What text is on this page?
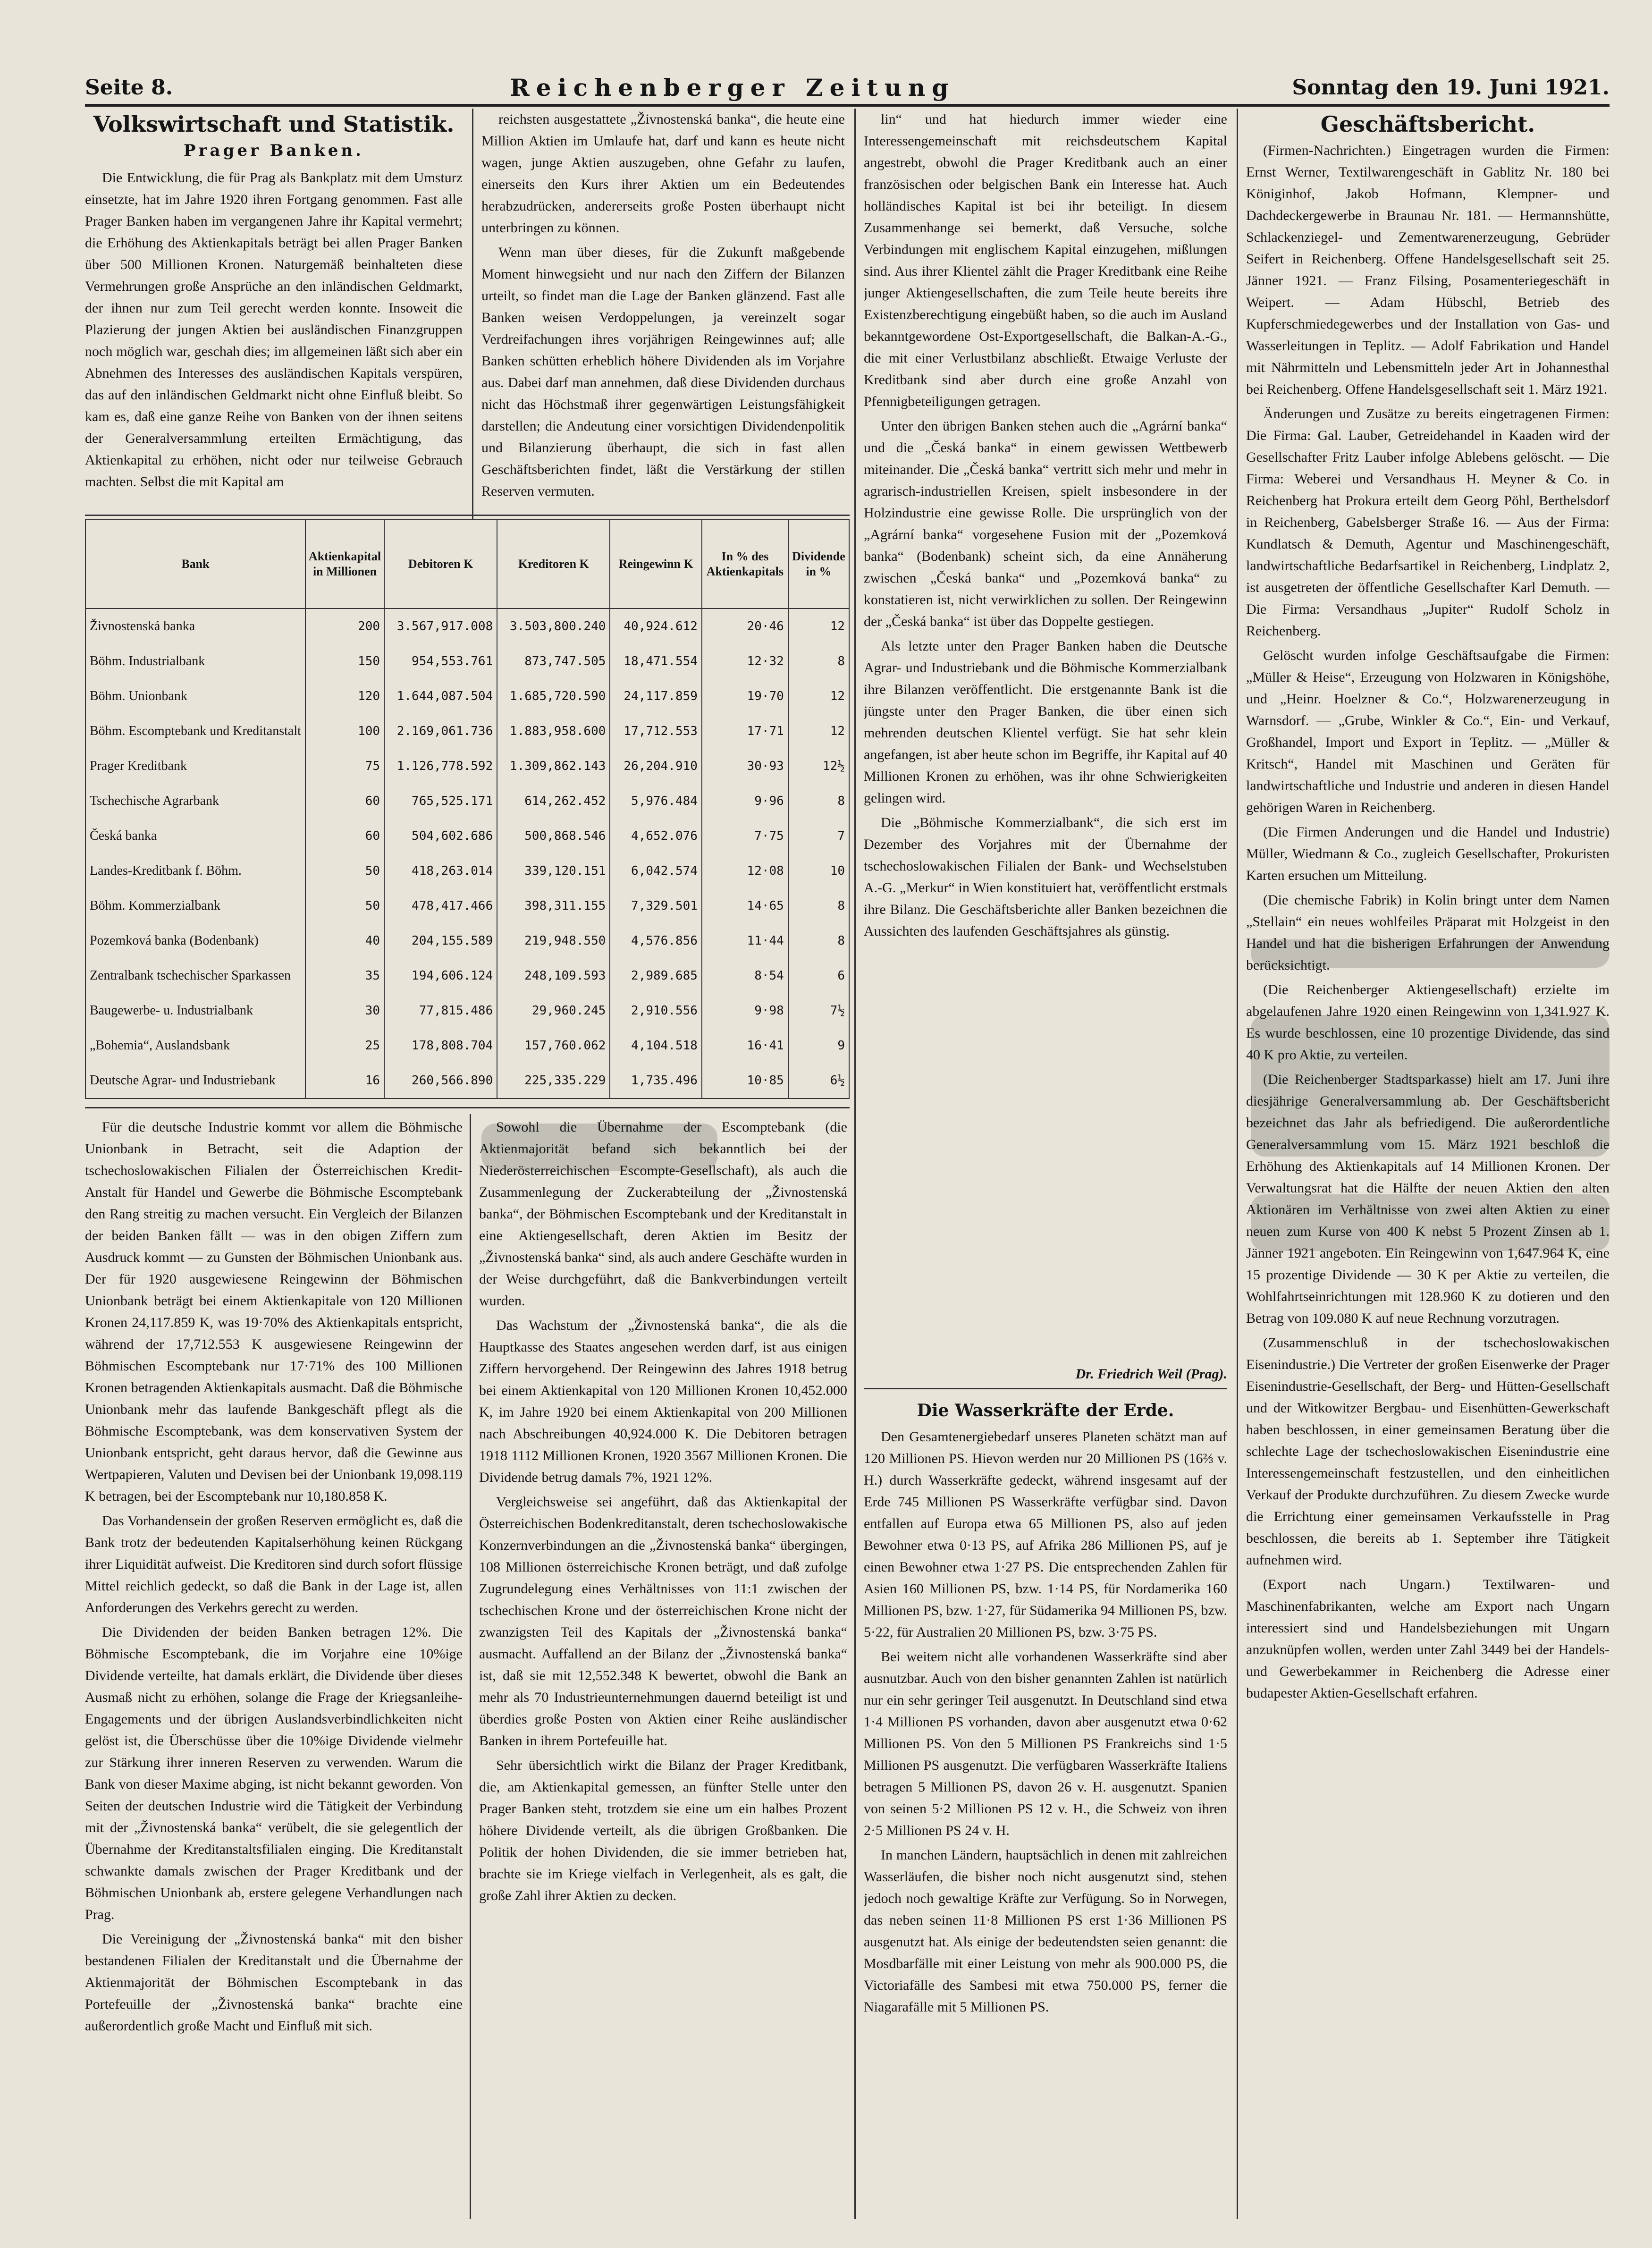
Seite 8.	Reichenberger Zeitung	Sonntag den 19. Juni 1921.
Volkswirtschaft und Statistik.
Prager Banken.

Die Entwicklung, die für Prag als Bankplatz mit dem Umsturz einsetzte, hat im Jahre 1920 ihren Fortgang genommen. Fast alle Prager Banken haben im vergangenen Jahre ihr Kapital vermehrt; die Erhöhung des Aktienkapitals beträgt bei allen Prager Banken über 500 Millionen Kronen. Naturgemäß beinhalteten diese Vermehrungen große Ansprüche an den inländischen Geldmarkt, der ihnen nur zum Teil gerecht werden konnte. Insoweit die Plazierung der jungen Aktien bei ausländischen Finanzgruppen noch möglich war, geschah dies; im allgemeinen läßt sich aber ein Abnehmen des Interesses des ausländischen Kapitals verspüren, das auf den inländischen Geldmarkt nicht ohne Einfluß bleibt. So kam es, daß eine ganze Reihe von Banken von der ihnen seitens der Generalversammlung erteilten Ermächtigung, das Aktienkapital zu erhöhen, nicht oder nur teilweise Gebrauch machten. Selbst die mit Kapital am

reichsten ausgestattete „Živnostenská banka“, die heute eine Million Aktien im Umlaufe hat, darf und kann es heute nicht wagen, junge Aktien auszugeben, ohne Gefahr zu laufen, einerseits den Kurs ihrer Aktien um ein Bedeutendes herabzudrücken, andererseits große Posten überhaupt nicht unterbringen zu können.

Wenn man über dieses, für die Zukunft maßgebende Moment hinwegsieht und nur nach den Ziffern der Bilanzen urteilt, so findet man die Lage der Banken glänzend. Fast alle Banken weisen Verdoppelungen, ja vereinzelt sogar Verdreifachungen ihres vorjährigen Reingewinnes auf; alle Banken schütten erheblich höhere Dividenden als im Vorjahre aus. Dabei darf man annehmen, daß diese Dividenden durchaus nicht das Höchstmaß ihrer gegenwärtigen Leistungsfähigkeit darstellen; die Andeutung einer vorsichtigen Dividendenpolitik und Bilanzierung überhaupt, die sich in fast allen Geschäftsberichten findet, läßt die Verstärkung der stillen Reserven vermuten.

Bank	Aktienkapital in Millionen	Debitoren K	Kreditoren K	Reingewinn K	In % des Aktienkapitals	Dividende in %
Živnostenská banka	200	3.567,917.008	3.503,800.240	40,924.612	20·46	12
Böhm. Industrialbank	150	954,553.761	873,747.505	18,471.554	12·32	8
Böhm. Unionbank	120	1.644,087.504	1.685,720.590	24,117.859	19·70	12
Böhm. Escomptebank und Kreditanstalt	100	2.169,061.736	1.883,958.600	17,712.553	17·71	12
Prager Kreditbank	75	1.126,778.592	1.309,862.143	26,204.910	30·93	12½
Tschechische Agrarbank	60	765,525.171	614,262.452	5,976.484	9·96	8
Česká banka	60	504,602.686	500,868.546	4,652.076	7·75	7
Landes-Kreditbank f. Böhm.	50	418,263.014	339,120.151	6,042.574	12·08	10
Böhm. Kommerzialbank	50	478,417.466	398,311.155	7,329.501	14·65	8
Pozemková banka (Bodenbank)	40	204,155.589	219,948.550	4,576.856	11·44	8
Zentralbank tschechischer Sparkassen	35	194,606.124	248,109.593	2,989.685	8·54	6
Baugewerbe- u. Industrialbank	30	77,815.486	29,960.245	2,910.556	9·98	7½
„Bohemia“, Auslandsbank	25	178,808.704	157,760.062	4,104.518	16·41	9
Deutsche Agrar- und Industriebank	16	260,566.890	225,335.229	1,735.496	10·85	6½

Für die deutsche Industrie kommt vor allem die Böhmische Unionbank in Betracht, seit die Adaption der tschechoslowakischen Filialen der Österreichischen Kredit-Anstalt für Handel und Gewerbe die Böhmische Escomptebank den Rang streitig zu machen versucht. Ein Vergleich der Bilanzen der beiden Banken fällt — was in den obigen Ziffern zum Ausdruck kommt — zu Gunsten der Böhmischen Unionbank aus. Der für 1920 ausgewiesene Reingewinn der Böhmischen Unionbank beträgt bei einem Aktienkapitale von 120 Millionen Kronen 24,117.859 K, was 19·70% des Aktienkapitals entspricht, während der 17,712.553 K ausgewiesene Reingewinn der Böhmischen Escomptebank nur 17·71% des 100 Millionen Kronen betragenden Aktienkapitals ausmacht. Daß die Böhmische Unionbank mehr das laufende Bankgeschäft pflegt als die Böhmische Escomptebank, was dem konservativen System der Unionbank entspricht, geht daraus hervor, daß die Gewinne aus Wertpapieren, Valuten und Devisen bei der Unionbank 19,098.119 K betragen, bei der Escomptebank nur 10,180.858 K.

Das Vorhandensein der großen Reserven ermöglicht es, daß die Bank trotz der bedeutenden Kapitalserhöhung keinen Rückgang ihrer Liquidität aufweist. Die Kreditoren sind durch sofort flüssige Mittel reichlich gedeckt, so daß die Bank in der Lage ist, allen Anforderungen des Verkehrs gerecht zu werden.

Die Dividenden der beiden Banken betragen 12%. Die Böhmische Escomptebank, die im Vorjahre eine 10%ige Dividende verteilte, hat damals erklärt, die Dividende über dieses Ausmaß nicht zu erhöhen, solange die Frage der Kriegsanleihe-Engagements und der übrigen Auslandsverbindlichkeiten nicht gelöst ist, die Überschüsse über die 10%ige Dividende vielmehr zur Stärkung ihrer inneren Reserven zu verwenden. Warum die Bank von dieser Maxime abging, ist nicht bekannt geworden. Von Seiten der deutschen Industrie wird die Tätigkeit der Verbindung mit der „Živnostenská banka“ verübelt, die sie gelegentlich der Übernahme der Kreditanstaltsfilialen einging. Die Kreditanstalt schwankte damals zwischen der Prager Kreditbank und der Böhmischen Unionbank ab, erstere gelegene Verhandlungen nach Prag.

Die Vereinigung der „Živnostenská banka“ mit den bisher bestandenen Filialen der Kreditanstalt und die Übernahme der Aktienmajorität der Böhmischen Escomptebank in das Portefeuille der „Živnostenská banka“ brachte eine außerordentlich große Macht und Einfluß mit sich.

Sowohl die Übernahme der Escomptebank (die Aktienmajorität befand sich bekanntlich bei der Niederösterreichischen Escompte-Gesellschaft), als auch die Zusammenlegung der Zuckerabteilung der „Živnostenská banka“, der Böhmischen Escomptebank und der Kreditanstalt in eine Aktiengesellschaft, deren Aktien im Besitz der „Živnostenská banka“ sind, als auch andere Geschäfte wurden in der Weise durchgeführt, daß die Bankverbindungen verteilt wurden.

Das Wachstum der „Živnostenská banka“, die als die Hauptkasse des Staates angesehen werden darf, ist aus einigen Ziffern hervorgehend. Der Reingewinn des Jahres 1918 betrug bei einem Aktienkapital von 120 Millionen Kronen 10,452.000 K, im Jahre 1920 bei einem Aktienkapital von 200 Millionen nach Abschreibungen 40,924.000 K. Die Debitoren betragen 1918 1112 Millionen Kronen, 1920 3567 Millionen Kronen. Die Dividende betrug damals 7%, 1921 12%.

Vergleichsweise sei angeführt, daß das Aktienkapital der Österreichischen Bodenkreditanstalt, deren tschechoslowakische Konzernverbindungen an die „Živnostenská banka“ übergingen, 108 Millionen österreichische Kronen beträgt, und daß zufolge Zugrundelegung eines Verhältnisses von 11:1 zwischen der tschechischen Krone und der österreichischen Krone nicht der zwanzigsten Teil des Kapitals der „Živnostenská banka“ ausmacht. Auffallend an der Bilanz der „Živnostenská banka“ ist, daß sie mit 12,552.348 K bewertet, obwohl die Bank an mehr als 70 Industrieunternehmungen dauernd beteiligt ist und überdies große Posten von Aktien einer Reihe ausländischer Banken in ihrem Portefeuille hat.

Sehr übersichtlich wirkt die Bilanz der Prager Kreditbank, die, am Aktienkapital gemessen, an fünfter Stelle unter den Prager Banken steht, trotzdem sie eine um ein halbes Prozent höhere Dividende verteilt, als die übrigen Großbanken. Die Politik der hohen Dividenden, die sie immer betrieben hat, brachte sie im Kriege vielfach in Verlegenheit, als es galt, die große Zahl ihrer Aktien zu decken.

lin“ und hat hiedurch immer wieder eine Interessengemeinschaft mit reichsdeutschem Kapital angestrebt, obwohl die Prager Kreditbank auch an einer französischen oder belgischen Bank ein Interesse hat. Auch holländisches Kapital ist bei ihr beteiligt. In diesem Zusammenhange sei bemerkt, daß Versuche, solche Verbindungen mit englischem Kapital einzugehen, mißlungen sind. Aus ihrer Klientel zählt die Prager Kreditbank eine Reihe junger Aktiengesellschaften, die zum Teile heute bereits ihre Existenzberechtigung eingebüßt haben, so die auch im Ausland bekanntgewordene Ost-Exportgesellschaft, die Balkan-A.-G., die mit einer Verlustbilanz abschließt. Etwaige Verluste der Kreditbank sind aber durch eine große Anzahl von Pfennigbeteiligungen getragen.

Unter den übrigen Banken stehen auch die „Agrární banka“ und die „Česká banka“ in einem gewissen Wettbewerb miteinander. Die „Česká banka“ vertritt sich mehr und mehr in agrarisch-industriellen Kreisen, spielt insbesondere in der Holzindustrie eine gewisse Rolle. Die ursprünglich von der „Agrární banka“ vorgesehene Fusion mit der „Pozemková banka“ (Bodenbank) scheint sich, da eine Annäherung zwischen „Česká banka“ und „Pozemková banka“ zu konstatieren ist, nicht verwirklichen zu sollen. Der Reingewinn der „Česká banka“ ist über das Doppelte gestiegen.

Als letzte unter den Prager Banken haben die Deutsche Agrar- und Industriebank und die Böhmische Kommerzialbank ihre Bilanzen veröffentlicht. Die erstgenannte Bank ist die jüngste unter den Prager Banken, die über einen sich mehrenden deutschen Klientel verfügt. Sie hat sehr klein angefangen, ist aber heute schon im Begriffe, ihr Kapital auf 40 Millionen Kronen zu erhöhen, was ihr ohne Schwierigkeiten gelingen wird.

Die „Böhmische Kommerzialbank“, die sich erst im Dezember des Vorjahres mit der Übernahme der tschechoslowakischen Filialen der Bank- und Wechselstuben A.-G. „Merkur“ in Wien konstituiert hat, veröffentlicht erstmals ihre Bilanz. Die Geschäftsberichte aller Banken bezeichnen die Aussichten des laufenden Geschäftsjahres als günstig.

Dr. Friedrich Weil (Prag).
Die Wasserkräfte der Erde.

Den Gesamtenergiebedarf unseres Planeten schätzt man auf 120 Millionen PS. Hievon werden nur 20 Millionen PS (16⅔ v. H.) durch Wasserkräfte gedeckt, während insgesamt auf der Erde 745 Millionen PS Wasserkräfte verfügbar sind. Davon entfallen auf Europa etwa 65 Millionen PS, also auf jeden Bewohner etwa 0·13 PS, auf Afrika 286 Millionen PS, auf je einen Bewohner etwa 1·27 PS. Die entsprechenden Zahlen für Asien 160 Millionen PS, bzw. 1·14 PS, für Nordamerika 160 Millionen PS, bzw. 1·27, für Südamerika 94 Millionen PS, bzw. 5·22, für Australien 20 Millionen PS, bzw. 3·75 PS.

Bei weitem nicht alle vorhandenen Wasserkräfte sind aber ausnutzbar. Auch von den bisher genannten Zahlen ist natürlich nur ein sehr geringer Teil ausgenutzt. In Deutschland sind etwa 1·4 Millionen PS vorhanden, davon aber ausgenutzt etwa 0·62 Millionen PS. Von den 5 Millionen PS Frankreichs sind 1·5 Millionen PS ausgenutzt. Die verfügbaren Wasserkräfte Italiens betragen 5 Millionen PS, davon 26 v. H. ausgenutzt. Spanien von seinen 5·2 Millionen PS 12 v. H., die Schweiz von ihren 2·5 Millionen PS 24 v. H.

In manchen Ländern, hauptsächlich in denen mit zahlreichen Wasserläufen, die bisher noch nicht ausgenutzt sind, stehen jedoch noch gewaltige Kräfte zur Verfügung. So in Norwegen, das neben seinen 11·8 Millionen PS erst 1·36 Millionen PS ausgenutzt hat. Als einige der bedeutendsten seien genannt: die Mosdbarfälle mit einer Leistung von mehr als 900.000 PS, die Victoriafälle des Sambesi mit etwa 750.000 PS, ferner die Niagarafälle mit 5 Millionen PS.

Geschäftsbericht.

(Firmen-Nachrichten.) Eingetragen wurden die Firmen: Ernst Werner, Textilwarengeschäft in Gablitz Nr. 180 bei Königinhof, Jakob Hofmann, Klempner- und Dachdeckergewerbe in Braunau Nr. 181. — Hermannshütte, Schlackenziegel- und Zementwarenerzeugung, Gebrüder Seifert in Reichenberg. Offene Handelsgesellschaft seit 25. Jänner 1921. — Franz Filsing, Posamenteriegeschäft in Weipert. — Adam Hübschl, Betrieb des Kupferschmiedegewerbes und der Installation von Gas- und Wasserleitungen in Teplitz. — Adolf Fabrikation und Handel mit Nährmitteln und Lebensmitteln jeder Art in Johannesthal bei Reichenberg. Offene Handelsgesellschaft seit 1. März 1921.

Änderungen und Zusätze zu bereits eingetragenen Firmen: Die Firma: Gal. Lauber, Getreidehandel in Kaaden wird der Gesellschafter Fritz Lauber infolge Ablebens gelöscht. — Die Firma: Weberei und Versandhaus H. Meyner & Co. in Reichenberg hat Prokura erteilt dem Georg Pöhl, Berthelsdorf in Reichenberg, Gabelsberger Straße 16. — Aus der Firma: Kundlatsch & Demuth, Agentur und Maschinengeschäft, landwirtschaftliche Bedarfsartikel in Reichenberg, Lindplatz 2, ist ausgetreten der öffentliche Gesellschafter Karl Demuth. — Die Firma: Versandhaus „Jupiter“ Rudolf Scholz in Reichenberg.

Gelöscht wurden infolge Geschäftsaufgabe die Firmen: „Müller & Heise“, Erzeugung von Holzwaren in Königshöhe, und „Heinr. Hoelzner & Co.“, Holzwarenerzeugung in Warnsdorf. — „Grube, Winkler & Co.“, Ein- und Verkauf, Großhandel, Import und Export in Teplitz. — „Müller & Kritsch“, Handel mit Maschinen und Geräten für landwirtschaftliche und Industrie und anderen in diesen Handel gehörigen Waren in Reichenberg.

(Die Firmen Anderungen und die Handel und Industrie) Müller, Wiedmann & Co., zugleich Gesellschafter, Prokuristen Karten ersuchen um Mitteilung.

(Die chemische Fabrik) in Kolin bringt unter dem Namen „Stellain“ ein neues wohlfeiles Präparat mit Holzgeist in den Handel und hat die bisherigen Erfahrungen der Anwendung berücksichtigt.

(Die Reichenberger Aktiengesellschaft) erzielte im abgelaufenen Jahre 1920 einen Reingewinn von 1,341.927 K. Es wurde beschlossen, eine 10 prozentige Dividende, das sind 40 K pro Aktie, zu verteilen.

(Die Reichenberger Stadtsparkasse) hielt am 17. Juni ihre diesjährige Generalversammlung ab. Der Geschäftsbericht bezeichnet das Jahr als befriedigend. Die außerordentliche Generalversammlung vom 15. März 1921 beschloß die Erhöhung des Aktienkapitals auf 14 Millionen Kronen. Der Verwaltungsrat hat die Hälfte der neuen Aktien den alten Aktionären im Verhältnisse von zwei alten Aktien zu einer neuen zum Kurse von 400 K nebst 5 Prozent Zinsen ab 1. Jänner 1921 angeboten. Ein Reingewinn von 1,647.964 K, eine 15 prozentige Dividende — 30 K per Aktie zu verteilen, die Wohlfahrtseinrichtungen mit 128.960 K zu dotieren und den Betrag von 109.080 K auf neue Rechnung vorzutragen.

(Zusammenschluß in der tschechoslowakischen Eisenindustrie.) Die Vertreter der großen Eisenwerke der Prager Eisenindustrie-Gesellschaft, der Berg- und Hütten-Gesellschaft und der Witkowitzer Bergbau- und Eisenhütten-Gewerkschaft haben beschlossen, in einer gemeinsamen Beratung über die schlechte Lage der tschechoslowakischen Eisenindustrie eine Interessengemeinschaft festzustellen, und den einheitlichen Verkauf der Produkte durchzuführen. Zu diesem Zwecke wurde die Errichtung einer gemeinsamen Verkaufsstelle in Prag beschlossen, die bereits ab 1. September ihre Tätigkeit aufnehmen wird.

(Export nach Ungarn.) Textilwaren- und Maschinenfabrikanten, welche am Export nach Ungarn interessiert sind und Handelsbeziehungen mit Ungarn anzuknüpfen wollen, werden unter Zahl 3449 bei der Handels- und Gewerbekammer in Reichenberg die Adresse einer budapester Aktien-Gesellschaft erfahren.
